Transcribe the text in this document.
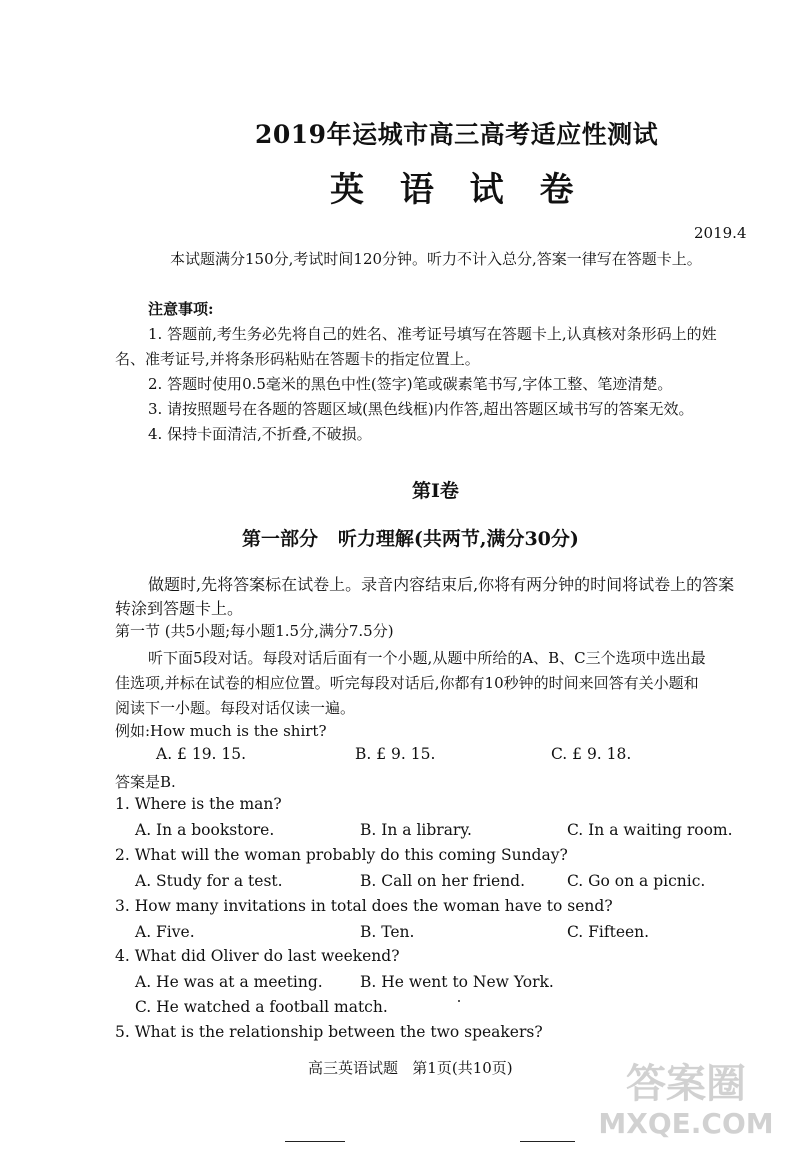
2019年运城市高三高考适应性测试
英 语 试 卷
2019.4
本试题满分150分,考试时间120分钟。听力不计入总分,答案一律写在答题卡上。
注意事项:
1. 答题前,考生务必先将自己的姓名、准考证号填写在答题卡上,认真核对条形码上的姓
名、准考证号,并将条形码粘贴在答题卡的指定位置上。
2. 答题时使用0.5毫米的黑色中性(签字)笔或碳素笔书写,字体工整、笔迹清楚。
3. 请按照题号在各题的答题区域(黑色线框)内作答,超出答题区域书写的答案无效。
4. 保持卡面清洁,不折叠,不破损。
第Ⅰ卷
第一部分   听力理解(共两节,满分30分)
做题时,先将答案标在试卷上。录音内容结束后,你将有两分钟的时间将试卷上的答案
转涂到答题卡上。
第一节 (共5小题;每小题1.5分,满分7.5分)
听下面5段对话。每段对话后面有一个小题,从题中所给的A、B、C三个选项中选出最
佳选项,并标在试卷的相应位置。听完每段对话后,你都有10秒钟的时间来回答有关小题和
阅读下一小题。每段对话仅读一遍。
例如:How much is the shirt?
A. £ 19. 15.	B. £ 9. 15.	C. £ 9. 18.
答案是B.
1. Where is the man?
A. In a bookstore.	B. In a library.	C. In a waiting room.
2. What will the woman probably do this coming Sunday?
A. Study for a test.	B. Call on her friend.	C. Go on a picnic.
3. How many invitations in total does the woman have to send?
A. Five.	B. Ten.	C. Fifteen.
4. What did Oliver do last weekend?
A. He was at a meeting. B. He went to New York.
C. He watched a football match.
5. What is the relationship between the two speakers?
高三英语试题   第1页(共10页)	答案圈
MXQE.COM
